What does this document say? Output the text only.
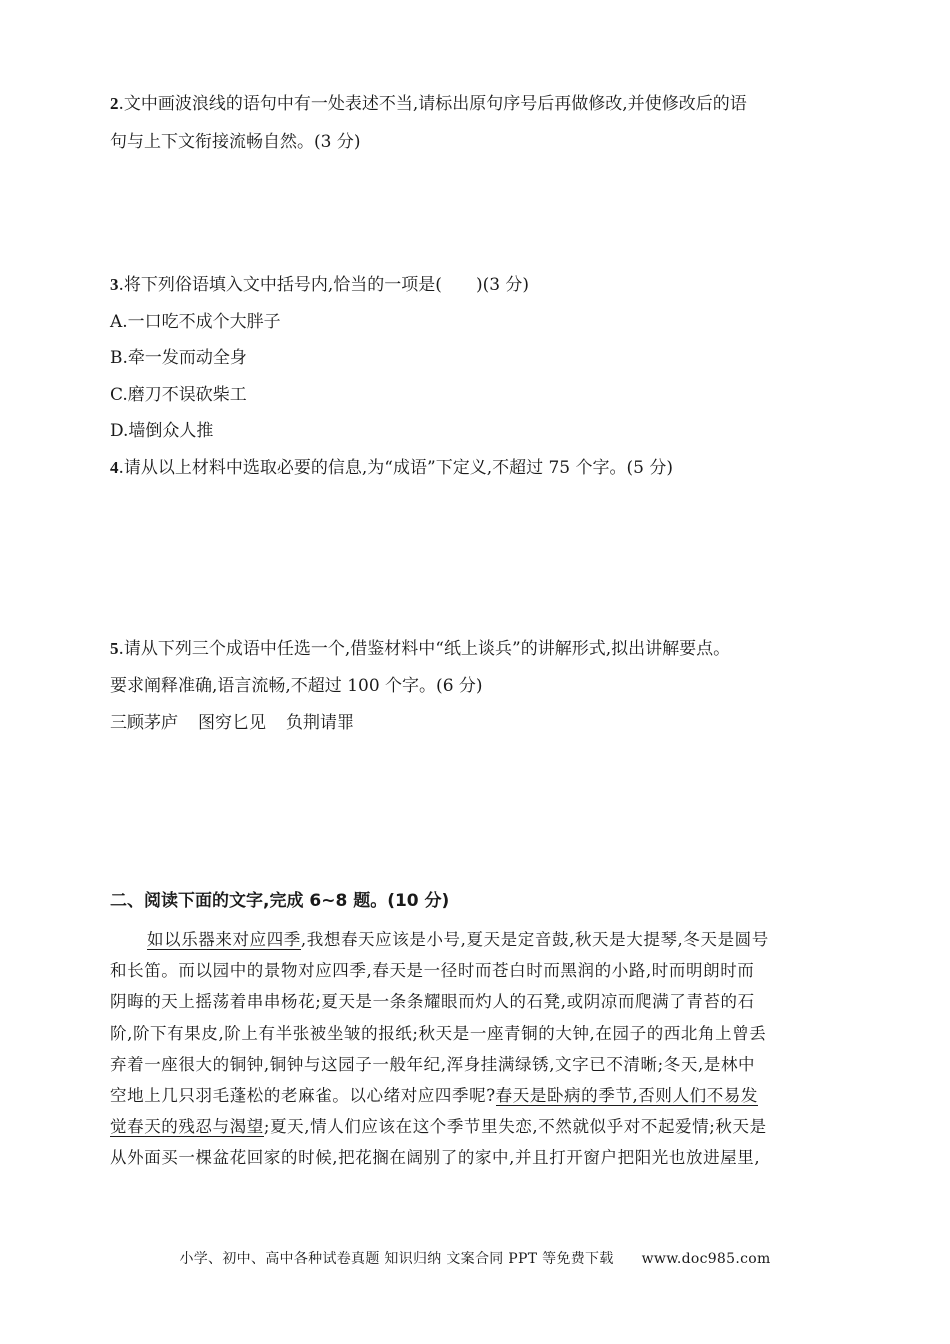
2.文中画波浪线的语句中有一处表述不当,请标出原句序号后再做修改,并使修改后的语
句与上下文衔接流畅自然。(3 分)
3.将下列俗语填入文中括号内,恰当的一项是(　　)(3 分)
A.一口吃不成个大胖子
B.牵一发而动全身
C.磨刀不误砍柴工
D.墙倒众人推
4.请从以上材料中选取必要的信息,为“成语”下定义,不超过 75 个字。(5 分)
5.请从下列三个成语中任选一个,借鉴材料中“纸上谈兵”的讲解形式,拟出讲解要点。
要求阐释准确,语言流畅,不超过 100 个字。(6 分)
三顾茅庐 图穷匕见 负荆请罪
二、阅读下面的文字,完成 6~8 题。(10 分)
如以乐器来对应四季,我想春天应该是小号,夏天是定音鼓,秋天是大提琴,冬天是圆号
和长笛。而以园中的景物对应四季,春天是一径时而苍白时而黑润的小路,时而明朗时而
阴晦的天上摇荡着串串杨花;夏天是一条条耀眼而灼人的石凳,或阴凉而爬满了青苔的石
阶,阶下有果皮,阶上有半张被坐皱的报纸;秋天是一座青铜的大钟,在园子的西北角上曾丢
弃着一座很大的铜钟,铜钟与这园子一般年纪,浑身挂满绿锈,文字已不清晰;冬天,是林中
空地上几只羽毛蓬松的老麻雀。以心绪对应四季呢?春天是卧病的季节,否则人们不易发
觉春天的残忍与渴望;夏天,情人们应该在这个季节里失恋,不然就似乎对不起爱情;秋天是
从外面买一棵盆花回家的时候,把花搁在阔别了的家中,并且打开窗户把阳光也放进屋里,
小学、初中、高中各种试卷真题 知识归纳 文案合同 PPT 等免费下载 www.doc985.com
